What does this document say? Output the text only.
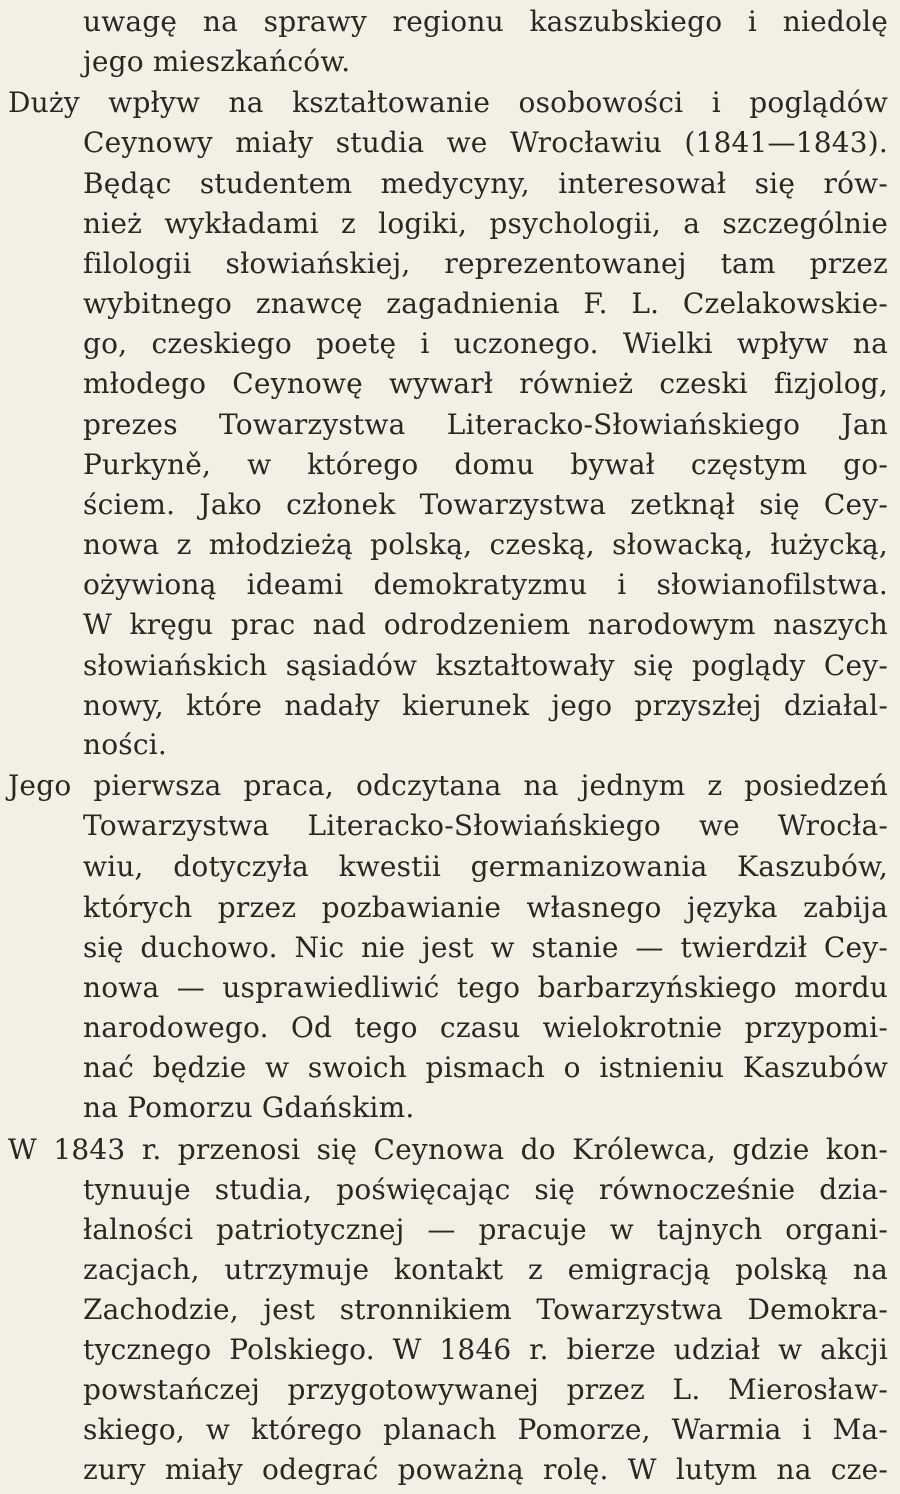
uwagę na sprawy regionu kaszubskiego i niedolę
jego mieszkańców.
Duży wpływ na kształtowanie osobowości i poglądów
Ceynowy miały studia we Wrocławiu (1841—1843).
Będąc studentem medycyny, interesował się rów-
nież wykładami z logiki, psychologii, a szczególnie
filologii słowiańskiej, reprezentowanej tam przez
wybitnego znawcę zagadnienia F. L. Czelakowskie-
go, czeskiego poetę i uczonego. Wielki wpływ na
młodego Ceynowę wywarł również czeski fizjolog,
prezes Towarzystwa Literacko-Słowiańskiego Jan
Purkyně, w którego domu bywał częstym go-
ściem. Jako członek Towarzystwa zetknął się Cey-
nowa z młodzieżą polską, czeską, słowacką, łużycką,
ożywioną ideami demokratyzmu i słowianofilstwa.
W kręgu prac nad odrodzeniem narodowym naszych
słowiańskich sąsiadów kształtowały się poglądy Cey-
nowy, które nadały kierunek jego przyszłej działal-
ności.
Jego pierwsza praca, odczytana na jednym z posiedzeń
Towarzystwa Literacko-Słowiańskiego we Wrocła-
wiu, dotyczyła kwestii germanizowania Kaszubów,
których przez pozbawianie własnego języka zabija
się duchowo. Nic nie jest w stanie — twierdził Cey-
nowa — usprawiedliwić tego barbarzyńskiego mordu
narodowego. Od tego czasu wielokrotnie przypomi-
nać będzie w swoich pismach o istnieniu Kaszubów
na Pomorzu Gdańskim.
W 1843 r. przenosi się Ceynowa do Królewca, gdzie kon-
tynuuje studia, poświęcając się równocześnie dzia-
łalności patriotycznej — pracuje w tajnych organi-
zacjach, utrzymuje kontakt z emigracją polską na
Zachodzie, jest stronnikiem Towarzystwa Demokra-
tycznego Polskiego. W 1846 r. bierze udział w akcji
powstańczej przygotowywanej przez L. Mierosław-
skiego, w którego planach Pomorze, Warmia i Ma-
zury miały odegrać poważną rolę. W lutym na cze-
